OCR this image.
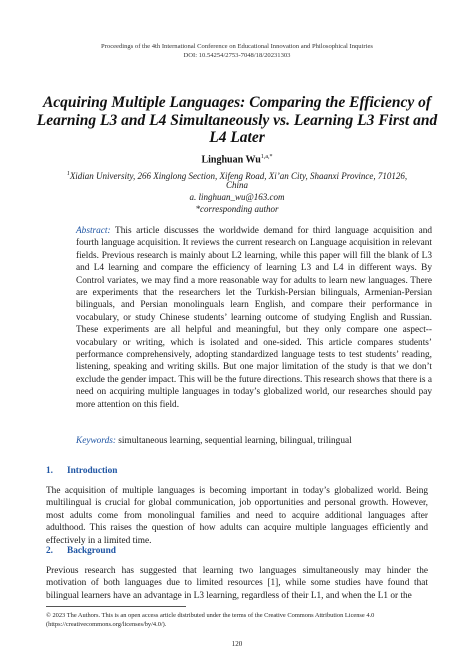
Proceedings of the 4th International Conference on Educational Innovation and Philosophical Inquiries
DOI: 10.54254/2753-7048/18/20231303
Acquiring Multiple Languages: Comparing the Efficiency of Learning L3 and L4 Simultaneously vs. Learning L3 First and L4 Later
Linghuan $Wu^{1,a,*}$
$^1$Xidian University, 266 Xinglong Section, Xifeng Road, Xi’an City, Shaanxi Province, 710126,
China
a. linghuan_wu@163.com
*corresponding author
Abstract: This article discusses the worldwide demand for third language acquisition and fourth language acquisition. It reviews the current research on Language acquisition in relevant fields. Previous research is mainly about L2 learning, while this paper will fill the blank of L3 and L4 learning and compare the efficiency of learning L3 and L4 in different ways. By Control variates, we may find a more reasonable way for adults to learn new languages. There are experiments that the researchers let the Turkish-Persian bilinguals, Armenian-Persian bilinguals, and Persian monolinguals learn English, and compare their performance in vocabulary, or study Chinese students’ learning outcome of studying English and Russian. These experiments are all helpful and meaningful, but they only compare one aspect--vocabulary or writing, which is isolated and one-sided. This article compares students’ performance comprehensively, adopting standardized language tests to test students’ reading, listening, speaking and writing skills. But one major limitation of the study is that we don’t exclude the gender impact. This will be the future directions. This research shows that there is a need on acquiring multiple languages in today’s globalized world, our researches should pay more attention on this field.
Keywords: simultaneous learning, sequential learning, bilingual, trilingual
1. Introduction
The acquisition of multiple languages is becoming important in today’s globalized world. Being multilingual is crucial for global communication, job opportunities and personal growth. However, most adults come from monolingual families and need to acquire additional languages after adulthood. This raises the question of how adults can acquire multiple languages efficiently and effectively in a limited time.
2. Background
Previous research has suggested that learning two languages simultaneously may hinder the motivation of both languages due to limited resources [1], while some studies have found that bilingual learners have an advantage in L3 learning, regardless of their L1, and when the L1 or the
© 2023 The Authors. This is an open access article distributed under the terms of the Creative Commons Attribution License 4.0 (https://creativecommons.org/licenses/by/4.0/).
120
